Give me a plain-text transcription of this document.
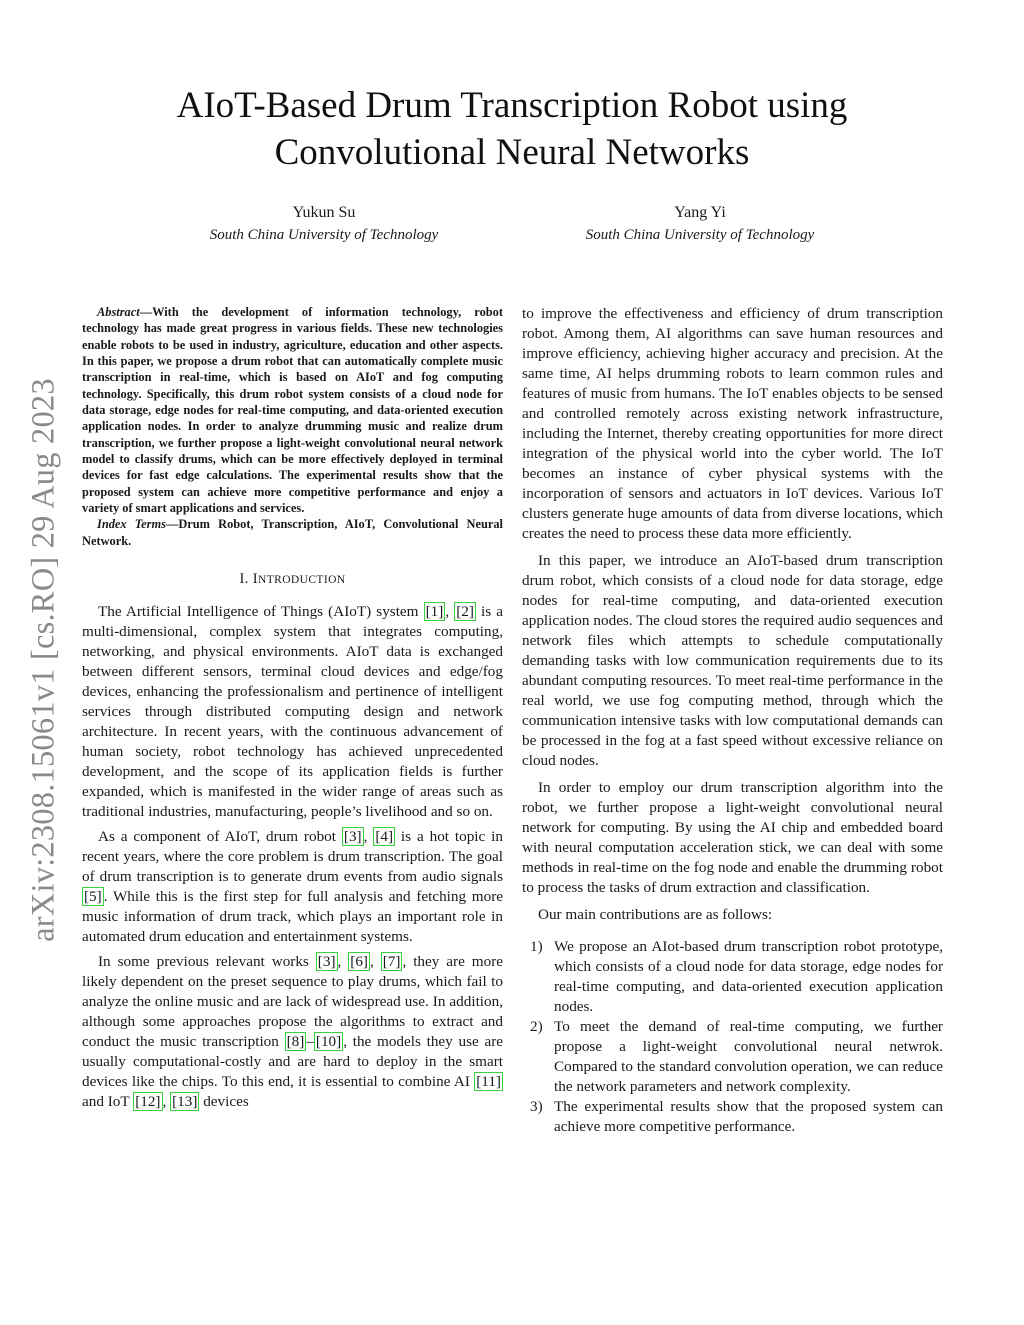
arXiv:2308.15061v1 [cs.RO] 29 Aug 2023
AIoT-Based Drum Transcription Robot using Convolutional Neural Networks
Yukun Su
South China University of Technology
Yang Yi
South China University of Technology

Abstract—With the development of information technology, robot technology has made great progress in various fields. These new technologies enable robots to be used in industry, agriculture, education and other aspects. In this paper, we propose a drum robot that can automatically complete music transcription in real-time, which is based on AIoT and fog computing technology. Specifically, this drum robot system consists of a cloud node for data storage, edge nodes for real-time computing, and data-oriented execution application nodes. In order to analyze drumming music and realize drum transcription, we further propose a light-weight convolutional neural network model to classify drums, which can be more effectively deployed in terminal devices for fast edge calculations. The experimental results show that the proposed system can achieve more competitive performance and enjoy a variety of smart applications and services.

Index Terms—Drum Robot, Transcription, AIoT, Convolutional Neural Network.

I. INTRODUCTION

The Artificial Intelligence of Things (AIoT) system [1] , [2] is a multi-dimensional, complex system that integrates computing, networking, and physical environments. AIoT data is exchanged between different sensors, terminal cloud devices and edge/fog devices, enhancing the professionalism and pertinence of intelligent services through distributed computing design and network architecture. In recent years, with the continuous advancement of human society, robot technology has achieved unprecedented development, and the scope of its application fields is further expanded, which is manifested in the wider range of areas such as traditional industries, manufacturing, people’s livelihood and so on.

As a component of AIoT, drum robot [3] , [4] is a hot topic in recent years, where the core problem is drum transcription. The goal of drum transcription is to generate drum events from audio signals [5] . While this is the first step for full analysis and fetching more music information of drum track, which plays an important role in automated drum education and entertainment systems.

In some previous relevant works [3] , [6] , [7] , they are more likely dependent on the preset sequence to play drums, which fail to analyze the online music and are lack of widespread use. In addition, although some approaches propose the algorithms to extract and conduct the music transcription [8] – [10] , the models they use are usually computational-costly and are hard to deploy in the smart devices like the chips. To this end, it is essential to combine AI [11] and IoT [12] , [13] devices

to improve the effectiveness and efficiency of drum transcription robot. Among them, AI algorithms can save human resources and improve efficiency, achieving higher accuracy and precision. At the same time, AI helps drumming robots to learn common rules and features of music from humans. The IoT enables objects to be sensed and controlled remotely across existing network infrastructure, including the Internet, thereby creating opportunities for more direct integration of the physical world into the cyber world. The IoT becomes an instance of cyber physical systems with the incorporation of sensors and actuators in IoT devices. Various IoT clusters generate huge amounts of data from diverse locations, which creates the need to process these data more efficiently.

In this paper, we introduce an AIoT-based drum transcription drum robot, which consists of a cloud node for data storage, edge nodes for real-time computing, and data-oriented execution application nodes. The cloud stores the required audio sequences and network files which attempts to schedule computationally demanding tasks with low communication requirements due to its abundant computing resources. To meet real-time performance in the real world, we use fog computing method, through which the communication intensive tasks with low computational demands can be processed in the fog at a fast speed without excessive reliance on cloud nodes.

In order to employ our drum transcription algorithm into the robot, we further propose a light-weight convolutional neural network for computing. By using the AI chip and embedded board with neural computation acceleration stick, we can deal with some methods in real-time on the fog node and enable the drumming robot to process the tasks of drum extraction and classification.

Our main contributions are as follows:

1) We propose an AIot-based drum transcription robot prototype, which consists of a cloud node for data storage, edge nodes for real-time computing, and data-oriented execution application nodes.
2) To meet the demand of real-time computing, we further propose a light-weight convolutional neural netwrok. Compared to the standard convolution operation, we can reduce the network parameters and network complexity.
3) The experimental results show that the proposed system can achieve more competitive performance.
